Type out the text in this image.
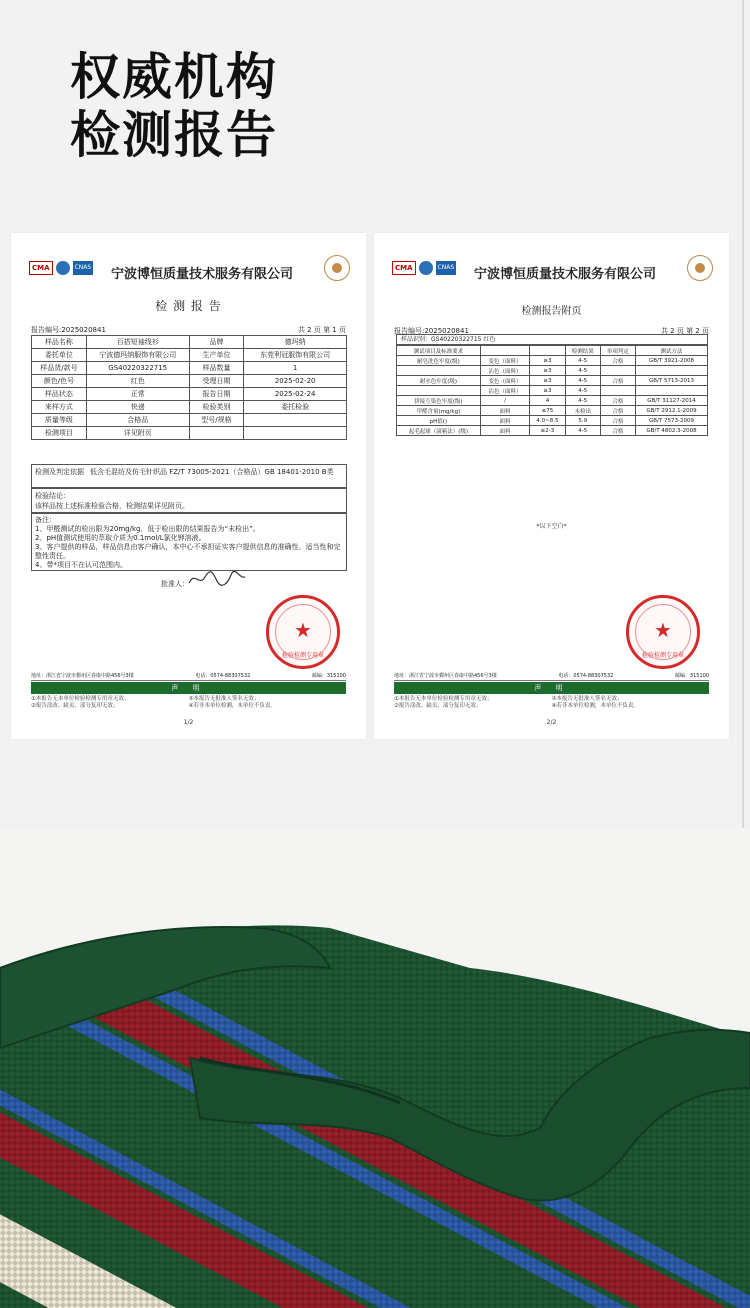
权威机构
检测报告
CMA	CNAS 宁波博恒质量技术服务有限公司
检 测 报 告
报告编号:2025020841	共 2 页 第 1 页
样品名称	百搭短袖线衫	品牌	德玛纳
委托单位	宁波德玛纳服饰有限公司	生产单位	东莞利冠服饰有限公司
样品货/款号	GS40220322715	样品数量	1
颜色/色号	红色	受理日期	2025-02-20
样品状态	正常	报告日期	2025-02-24
来样方式	快递	检验类别	委托检验
质量等级	合格品	型号/规格	
检测项目	详见附页		
检测及判定依据 低含毛混纺及仿毛针织品 FZ/T 73005-2021（合格品）GB 18401-2010 B类

检验结论：

该样品按上述标准检验合格，检测结果详见附页。

备注：

1、甲醛测试的检出限为20mg/kg，低于检出限的结果报告为“未检出”。

2、pH值测试使用的萃取介质为0.1mol/L氯化钾溶液。

3、客户提供的样品，样品信息由客户确认，本中心不承担证实客户提供信息的准确性、适当性和完整性责任。

4、带*项目不在认可范围内。

批准人：
★
检验检测专用章
地址：浙江省宁波市鄞州区春康中路456号3楼	电话：0574-88307532	邮编：315100
声 明
①本报告无本单位检验检测专用章无效；	③本报告无批准人签名无效；
②报告涂改、缺页、部分复印无效；	④若非本单位检测，本单位不负责。
1/2
CMA	CNAS 宁波博恒质量技术服务有限公司
检测报告附页
报告编号:2025020841	共 2 页 第 2 页
样品识别：GS40220322715 红色
测试项目及标准要求			检测结果	单项判定	测试方法
耐皂洗色牢度(级)	变色（面料）	≥3	4-5	合格	GB/T 3921-2008
	沾色（面料）	≥3	4-5		
耐水色牢度(级)	变色（面料）	≥3	4-5	合格	GB/T 5713-2013
	沾色（面料）	≥3	4-5		
拼接互染色牢度(级)	/	4	4-5	合格	GB/T 31127-2014
甲醛含量(mg/kg)	面料	≤75	未检出	合格	GB/T 2912.1-2009
pH值()	面料	4.0~8.5	5.9	合格	GB/T 7573-2009
起毛起球（滚箱法）(级)	面料	≥2-3	4-5	合格	GB/T 4802.3-2008
*以下空白*
★
检验检测专用章
地址：浙江省宁波市鄞州区春康中路456号3楼	电话：0574-88307532	邮编：315100
声 明
①本报告无本单位检验检测专用章无效；	③本报告无批准人签名无效；
②报告涂改、缺页、部分复印无效；	④若非本单位检测，本单位不负责。
2/2
